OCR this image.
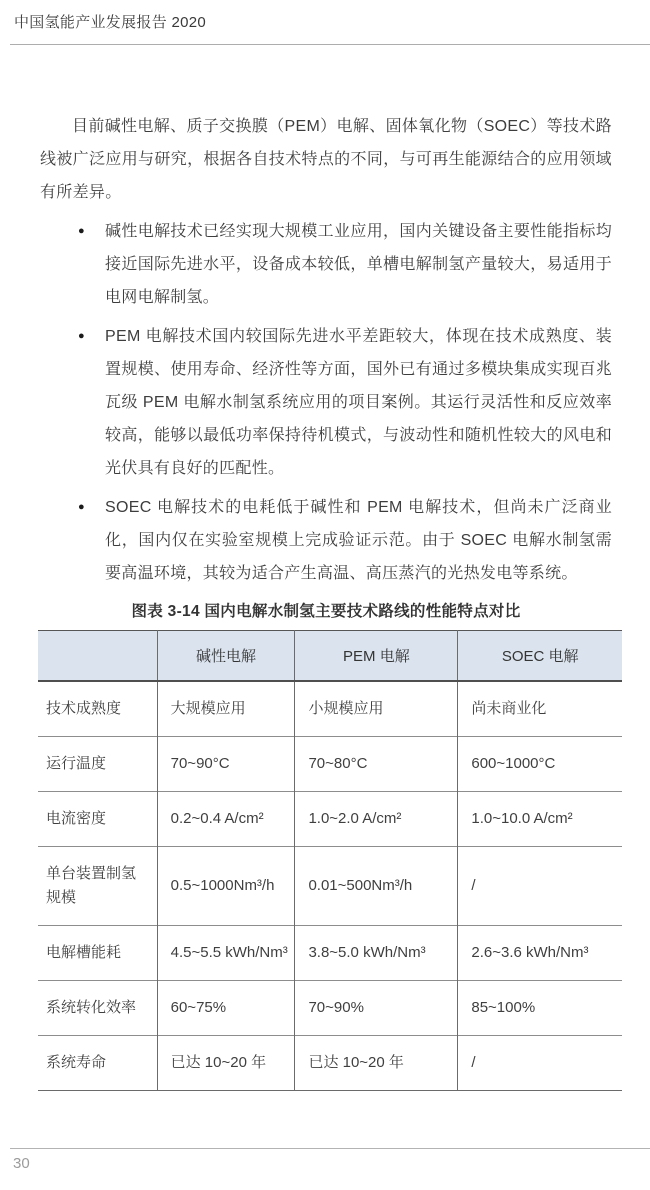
中国氢能产业发展报告 2020

目前碱性电解、质子交换膜（PEM）电解、固体氧化物（SOEC）等技术路线被广泛应用与研究，根据各自技术特点的不同，与可再生能源结合的应用领域有所差异。

● 碱性电解技术已经实现大规模工业应用，国内关键设备主要性能指标均接近国际先进水平，设备成本较低，单槽电解制氢产量较大，易适用于电网电解制氢。
● PEM 电解技术国内较国际先进水平差距较大，体现在技术成熟度、装置规模、使用寿命、经济性等方面，国外已有通过多模块集成实现百兆瓦级 PEM 电解水制氢系统应用的项目案例。其运行灵活性和反应效率较高，能够以最低功率保持待机模式，与波动性和随机性较大的风电和光伏具有良好的匹配性。
● SOEC 电解技术的电耗低于碱性和 PEM 电解技术，但尚未广泛商业化，国内仅在实验室规模上完成验证示范。由于 SOEC 电解水制氢需要高温环境，其较为适合产生高温、高压蒸汽的光热发电等系统。
图表 3-14 国内电解水制氢主要技术路线的性能特点对比
	碱性电解	PEM 电解	SOEC 电解
技术成熟度	大规模应用	小规模应用	尚未商业化
运行温度	70~90°C	70~80°C	600~1000°C
电流密度	0.2~0.4 A/cm²	1.0~2.0 A/cm²	1.0~10.0 A/cm²
单台装置制氢规模	0.5~1000Nm³/h	0.01~500Nm³/h	/
电解槽能耗	4.5~5.5 kWh/Nm³	3.8~5.0 kWh/Nm³	2.6~3.6 kWh/Nm³
系统转化效率	60~75%	70~90%	85~100%
系统寿命	已达 10~20 年	已达 10~20 年	/
30
